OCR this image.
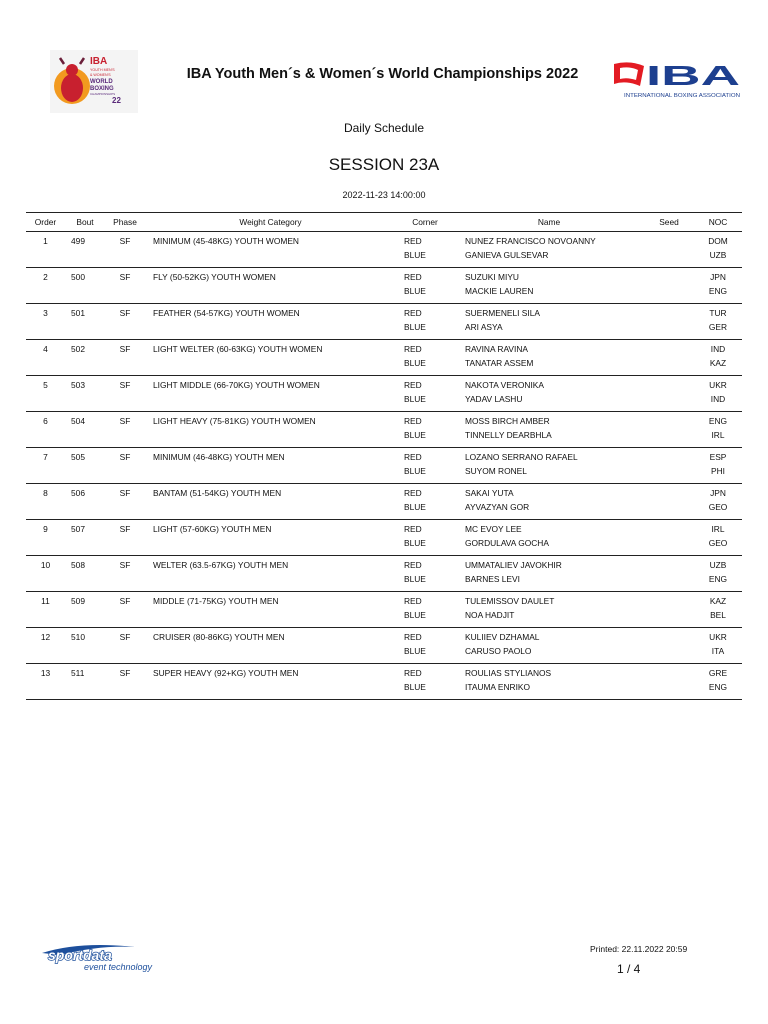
IBA
YOUTH MEN'S
& WOMEN'S
WORLD
BOXING
CHAMPIONSHIPS
22
IBA Youth Men´s & Women´s World Championships 2022	IBA
INTERNATIONAL BOXING ASSOCIATION
Daily Schedule
SESSION 23A
2022-11-23 14:00:00
Order	Bout	Phase	Weight Category	Corner	Name	Seed	NOC
1	499	SF	MINIMUM (45-48KG) YOUTH WOMEN	RED	NUNEZ FRANCISCO NOVOANNY		DOM
				BLUE	GANIEVA GULSEVAR		UZB
2	500	SF	FLY (50-52KG) YOUTH WOMEN	RED	SUZUKI MIYU		JPN
				BLUE	MACKIE LAUREN		ENG
3	501	SF	FEATHER (54-57KG) YOUTH WOMEN	RED	SUERMENELI SILA		TUR
				BLUE	ARI ASYA		GER
4	502	SF	LIGHT WELTER (60-63KG) YOUTH WOMEN	RED	RAVINA RAVINA		IND
				BLUE	TANATAR ASSEM		KAZ
5	503	SF	LIGHT MIDDLE (66-70KG) YOUTH WOMEN	RED	NAKOTA VERONIKA		UKR
				BLUE	YADAV LASHU		IND
6	504	SF	LIGHT HEAVY (75-81KG) YOUTH WOMEN	RED	MOSS BIRCH AMBER		ENG
				BLUE	TINNELLY DEARBHLA		IRL
7	505	SF	MINIMUM (46-48KG) YOUTH MEN	RED	LOZANO SERRANO RAFAEL		ESP
				BLUE	SUYOM RONEL		PHI
8	506	SF	BANTAM (51-54KG) YOUTH MEN	RED	SAKAI YUTA		JPN
				BLUE	AYVAZYAN GOR		GEO
9	507	SF	LIGHT (57-60KG) YOUTH MEN	RED	MC EVOY LEE		IRL
				BLUE	GORDULAVA GOCHA		GEO
10	508	SF	WELTER (63.5-67KG) YOUTH MEN	RED	UMMATALIEV JAVOKHIR		UZB
				BLUE	BARNES LEVI		ENG
11	509	SF	MIDDLE (71-75KG) YOUTH MEN	RED	TULEMISSOV DAULET		KAZ
				BLUE	NOA HADJIT		BEL
12	510	SF	CRUISER (80-86KG) YOUTH MEN	RED	KULIIEV DZHAMAL		UKR
				BLUE	CARUSO PAOLO		ITA
13	511	SF	SUPER HEAVY (92+KG) YOUTH MEN	RED	ROULIAS STYLIANOS		GRE
				BLUE	ITAUMA ENRIKO		ENG
sportdata
event technology
Printed: 22.11.2022 20:59
1 / 4
